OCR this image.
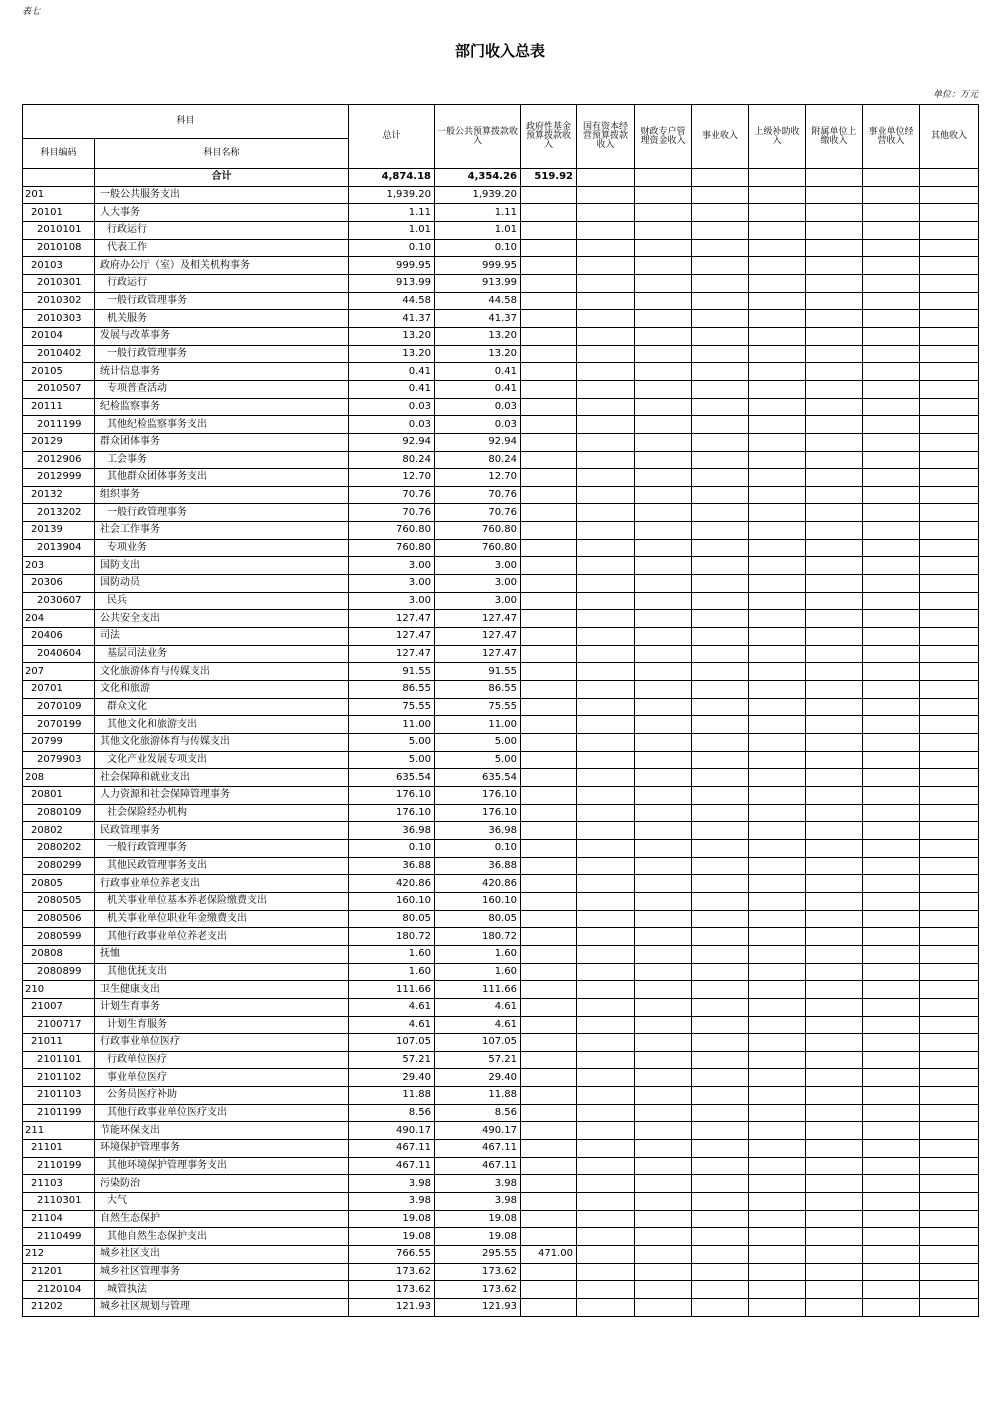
表七
部门收入总表
单位：万元
科目		总计	一般公共预算拨款收入	政府性基金预算拨款收入	国有资本经营预算拨款收入	财政专户管理资金收入	事业收入	上级补助收入	附属单位上缴收入	事业单位经营收入	其他收入
科目编码	科目名称										
	合计	4,874.18	4,354.26	519.92							
201	一般公共服务支出	1,939.20	1,939.20								
20101	人大事务	1.11	1.11								
2010101	行政运行	1.01	1.01								
2010108	代表工作	0.10	0.10								
20103	政府办公厅（室）及相关机构事务	999.95	999.95								
2010301	行政运行	913.99	913.99								
2010302	一般行政管理事务	44.58	44.58								
2010303	机关服务	41.37	41.37								
20104	发展与改革事务	13.20	13.20								
2010402	一般行政管理事务	13.20	13.20								
20105	统计信息事务	0.41	0.41								
2010507	专项普查活动	0.41	0.41								
20111	纪检监察事务	0.03	0.03								
2011199	其他纪检监察事务支出	0.03	0.03								
20129	群众团体事务	92.94	92.94								
2012906	工会事务	80.24	80.24								
2012999	其他群众团体事务支出	12.70	12.70								
20132	组织事务	70.76	70.76								
2013202	一般行政管理事务	70.76	70.76								
20139	社会工作事务	760.80	760.80								
2013904	专项业务	760.80	760.80								
203	国防支出	3.00	3.00								
20306	国防动员	3.00	3.00								
2030607	民兵	3.00	3.00								
204	公共安全支出	127.47	127.47								
20406	司法	127.47	127.47								
2040604	基层司法业务	127.47	127.47								
207	文化旅游体育与传媒支出	91.55	91.55								
20701	文化和旅游	86.55	86.55								
2070109	群众文化	75.55	75.55								
2070199	其他文化和旅游支出	11.00	11.00								
20799	其他文化旅游体育与传媒支出	5.00	5.00								
2079903	文化产业发展专项支出	5.00	5.00								
208	社会保障和就业支出	635.54	635.54								
20801	人力资源和社会保障管理事务	176.10	176.10								
2080109	社会保险经办机构	176.10	176.10								
20802	民政管理事务	36.98	36.98								
2080202	一般行政管理事务	0.10	0.10								
2080299	其他民政管理事务支出	36.88	36.88								
20805	行政事业单位养老支出	420.86	420.86								
2080505	机关事业单位基本养老保险缴费支出	160.10	160.10								
2080506	机关事业单位职业年金缴费支出	80.05	80.05								
2080599	其他行政事业单位养老支出	180.72	180.72								
20808	抚恤	1.60	1.60								
2080899	其他优抚支出	1.60	1.60								
210	卫生健康支出	111.66	111.66								
21007	计划生育事务	4.61	4.61								
2100717	计划生育服务	4.61	4.61								
21011	行政事业单位医疗	107.05	107.05								
2101101	行政单位医疗	57.21	57.21								
2101102	事业单位医疗	29.40	29.40								
2101103	公务员医疗补助	11.88	11.88								
2101199	其他行政事业单位医疗支出	8.56	8.56								
211	节能环保支出	490.17	490.17								
21101	环境保护管理事务	467.11	467.11								
2110199	其他环境保护管理事务支出	467.11	467.11								
21103	污染防治	3.98	3.98								
2110301	大气	3.98	3.98								
21104	自然生态保护	19.08	19.08								
2110499	其他自然生态保护支出	19.08	19.08								
212	城乡社区支出	766.55	295.55	471.00							
21201	城乡社区管理事务	173.62	173.62								
2120104	城管执法	173.62	173.62								
21202	城乡社区规划与管理	121.93	121.93								
